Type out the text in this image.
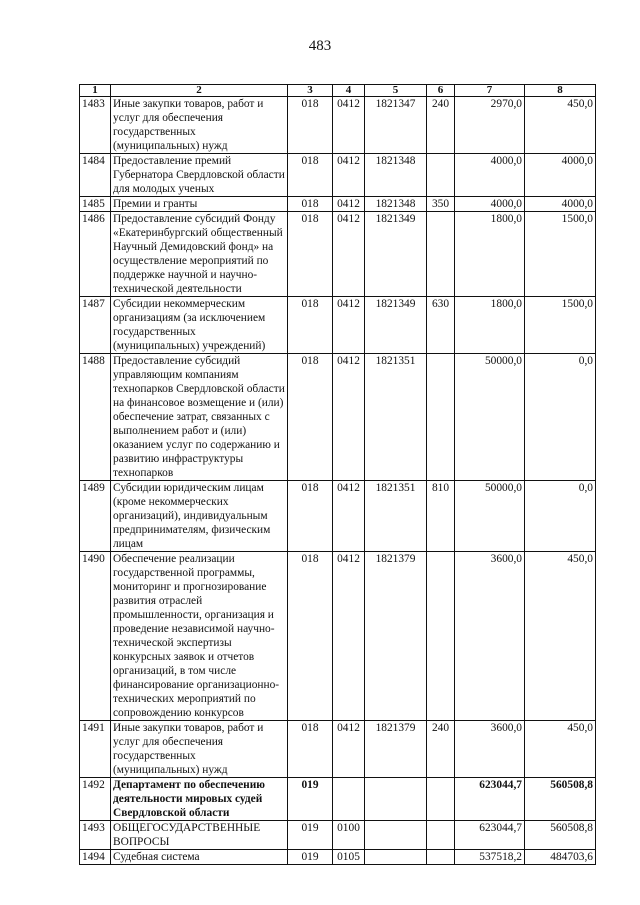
483
1	2	3	4	5	6	7	8
1483	Иные закупки товаров, работ и услуг для обеспечения государственных (муниципальных) нужд	018	0412	1821347	240	2970,0	450,0
1484	Предоставление премий Губернатора Свердловской области для молодых ученых	018	0412	1821348		4000,0	4000,0
1485	Премии и гранты	018	0412	1821348	350	4000,0	4000,0
1486	Предоставление субсидий Фонду «Екатеринбургский общественный Научный Демидовский фонд» на осуществление мероприятий по поддержке научной и научно-технической деятельности	018	0412	1821349		1800,0	1500,0
1487	Субсидии некоммерческим организациям (за исключением государственных (муниципальных) учреждений)	018	0412	1821349	630	1800,0	1500,0
1488	Предоставление субсидий управляющим компаниям технопарков Свердловской области на финансовое возмещение и (или) обеспечение затрат, связанных с выполнением работ и (или) оказанием услуг по содержанию и развитию инфраструктуры технопарков	018	0412	1821351		50000,0	0,0
1489	Субсидии юридическим лицам (кроме некоммерческих организаций), индивидуальным предпринимателям, физическим лицам	018	0412	1821351	810	50000,0	0,0
1490	Обеспечение реализации государственной программы, мониторинг и прогнозирование развития отраслей промышленности, организация и проведение независимой научно-технической экспертизы конкурсных заявок и отчетов организаций, в том числе финансирование организационно-технических мероприятий по сопровождению конкурсов	018	0412	1821379		3600,0	450,0
1491	Иные закупки товаров, работ и услуг для обеспечения государственных (муниципальных) нужд	018	0412	1821379	240	3600,0	450,0
1492	Департамент по обеспечению деятельности мировых судей Свердловской области	019				623044,7	560508,8
1493	ОБЩЕГОСУДАРСТВЕННЫЕ ВОПРОСЫ	019	0100			623044,7	560508,8
1494	Судебная система	019	0105			537518,2	484703,6
